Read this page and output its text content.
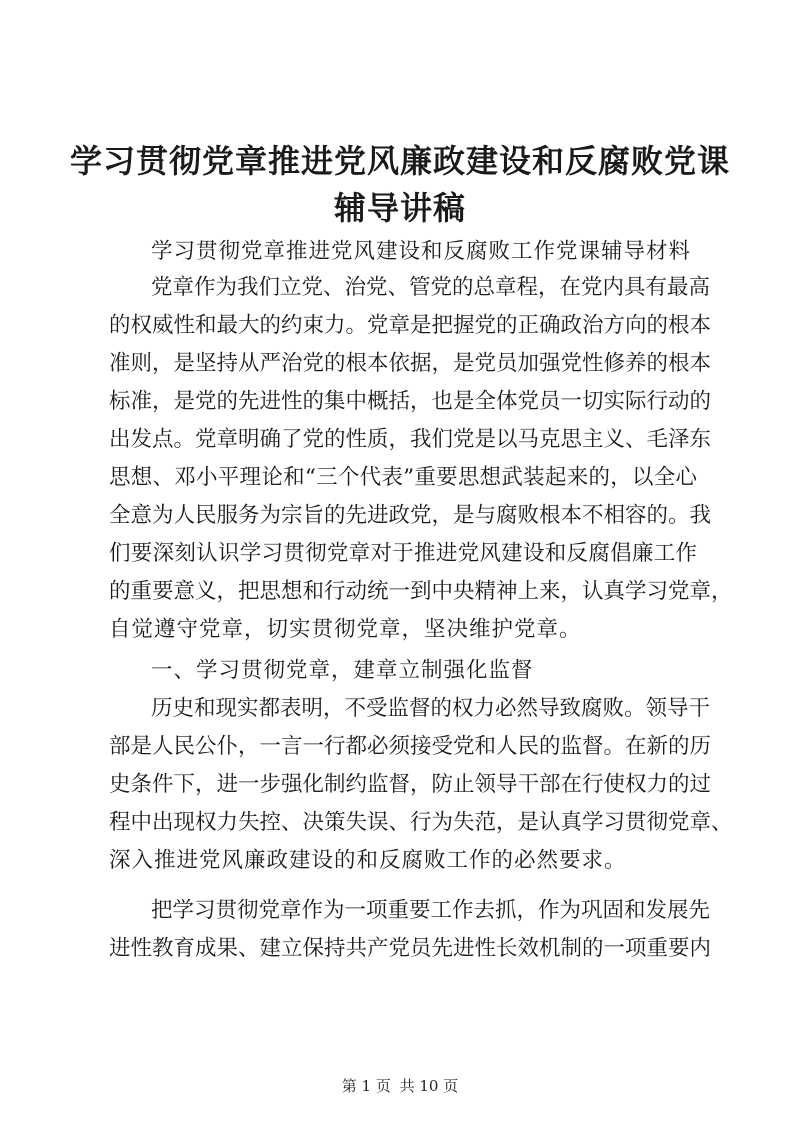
学习贯彻党章推进党风廉政建设和反腐败党课
辅导讲稿
学习贯彻党章推进党风建设和反腐败工作党课辅导材料
党章作为我们立党、治党、管党的总章程，在党内具有最高
的权威性和最大的约束力。党章是把握党的正确政治方向的根本
准则，是坚持从严治党的根本依据，是党员加强党性修养的根本
标准，是党的先进性的集中概括，也是全体党员一切实际行动的
出发点。党章明确了党的性质，我们党是以马克思主义、毛泽东
思想、邓小平理论和“三个代表”重要思想武装起来的，以全心
全意为人民服务为宗旨的先进政党，是与腐败根本不相容的。我
们要深刻认识学习贯彻党章对于推进党风建设和反腐倡廉工作
的重要意义，把思想和行动统一到中央精神上来，认真学习党章，
自觉遵守党章，切实贯彻党章，坚决维护党章。
一、学习贯彻党章，建章立制强化监督
历史和现实都表明，不受监督的权力必然导致腐败。领导干
部是人民公仆，一言一行都必须接受党和人民的监督。在新的历
史条件下，进一步强化制约监督，防止领导干部在行使权力的过
程中出现权力失控、决策失误、行为失范，是认真学习贯彻党章、
深入推进党风廉政建设的和反腐败工作的必然要求。
把学习贯彻党章作为一项重要工作去抓，作为巩固和发展先
进性教育成果、建立保持共产党员先进性长效机制的一项重要内
第 1 页 共 10 页
